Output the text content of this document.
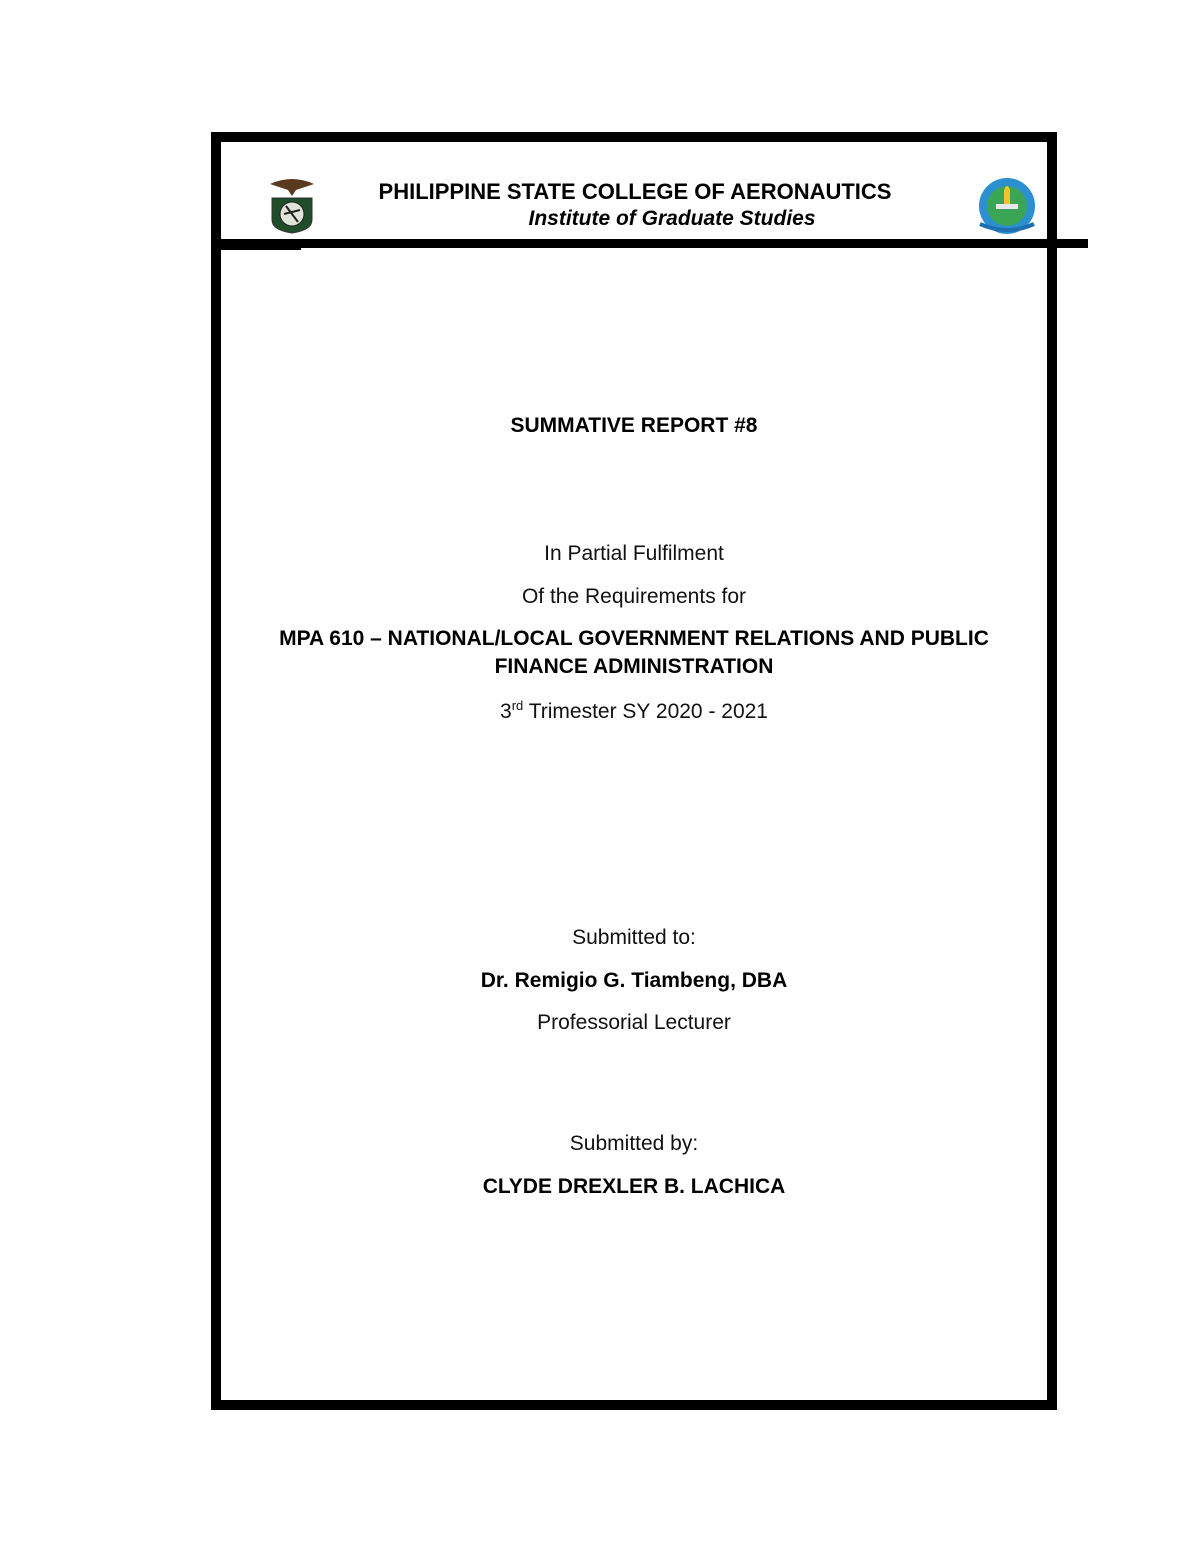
PHILIPPINE STATE COLLEGE OF AERONAUTICS
Institute of Graduate Studies
SUMMATIVE REPORT #8
In Partial Fulfilment
Of the Requirements for
MPA 610 – NATIONAL/LOCAL GOVERNMENT RELATIONS AND PUBLIC
FINANCE ADMINISTRATION
3rd Trimester SY 2020 - 2021
Submitted to:
Dr. Remigio G. Tiambeng, DBA
Professorial Lecturer
Submitted by:
CLYDE DREXLER B. LACHICA
